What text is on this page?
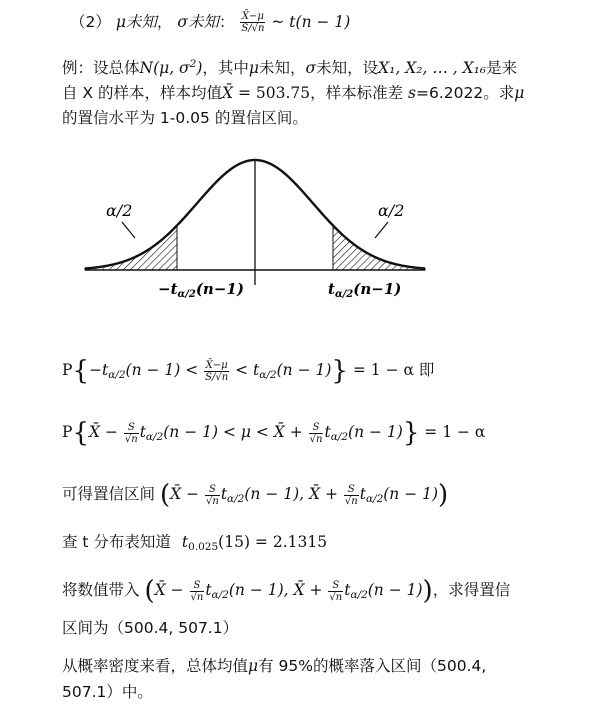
（2） μ未知， σ未知： $\frac{X̄-\mu}{S/√n}$ ~ t(n − 1)
例：设总体N(μ, $\sigma^2$)，其中μ未知，σ未知，设X₁, X₂, … , X₁₆是来
自 X 的样本，样本均值X̄ = 503.75，样本标准差 s=6.2022。求μ
的置信水平为 1-0.05 的置信区间。
α/2	α/2
$-t_{\alpha/2}(n-1)$	$t_{\alpha/2}(n-1)$
$P\{-t_{\alpha/2}(n - 1) < \frac{X̄-\mu}{S/√n} < t_{\alpha/2}(n - 1)\} = 1 - \alpha$ 即
P{X̄ − $\frac{S}{√n} t_{\alpha/2}(n - 1) < \mu$ < X̄ + $\frac{S}{√n} t_{\alpha/2}(n - 1)\} = 1 - \alpha$
可得置信区间 (X̄ − $\frac{S}{√n} t_{\alpha/2}(n - 1)$, X̄ + $\frac{S}{√n} t_{\alpha/2}(n - 1)$)
查 t 分布表知道 $t_{0.025}(15) = 2.1315$
将数值带入 (X̄ − $\frac{S}{√n} t_{\alpha/2}(n - 1)$, X̄ + $\frac{S}{√n} t_{\alpha/2}(n - 1)$)，求得置信
区间为（500.4, 507.1）
从概率密度来看，总体均值μ有 95%的概率落入区间（500.4,
507.1）中。
